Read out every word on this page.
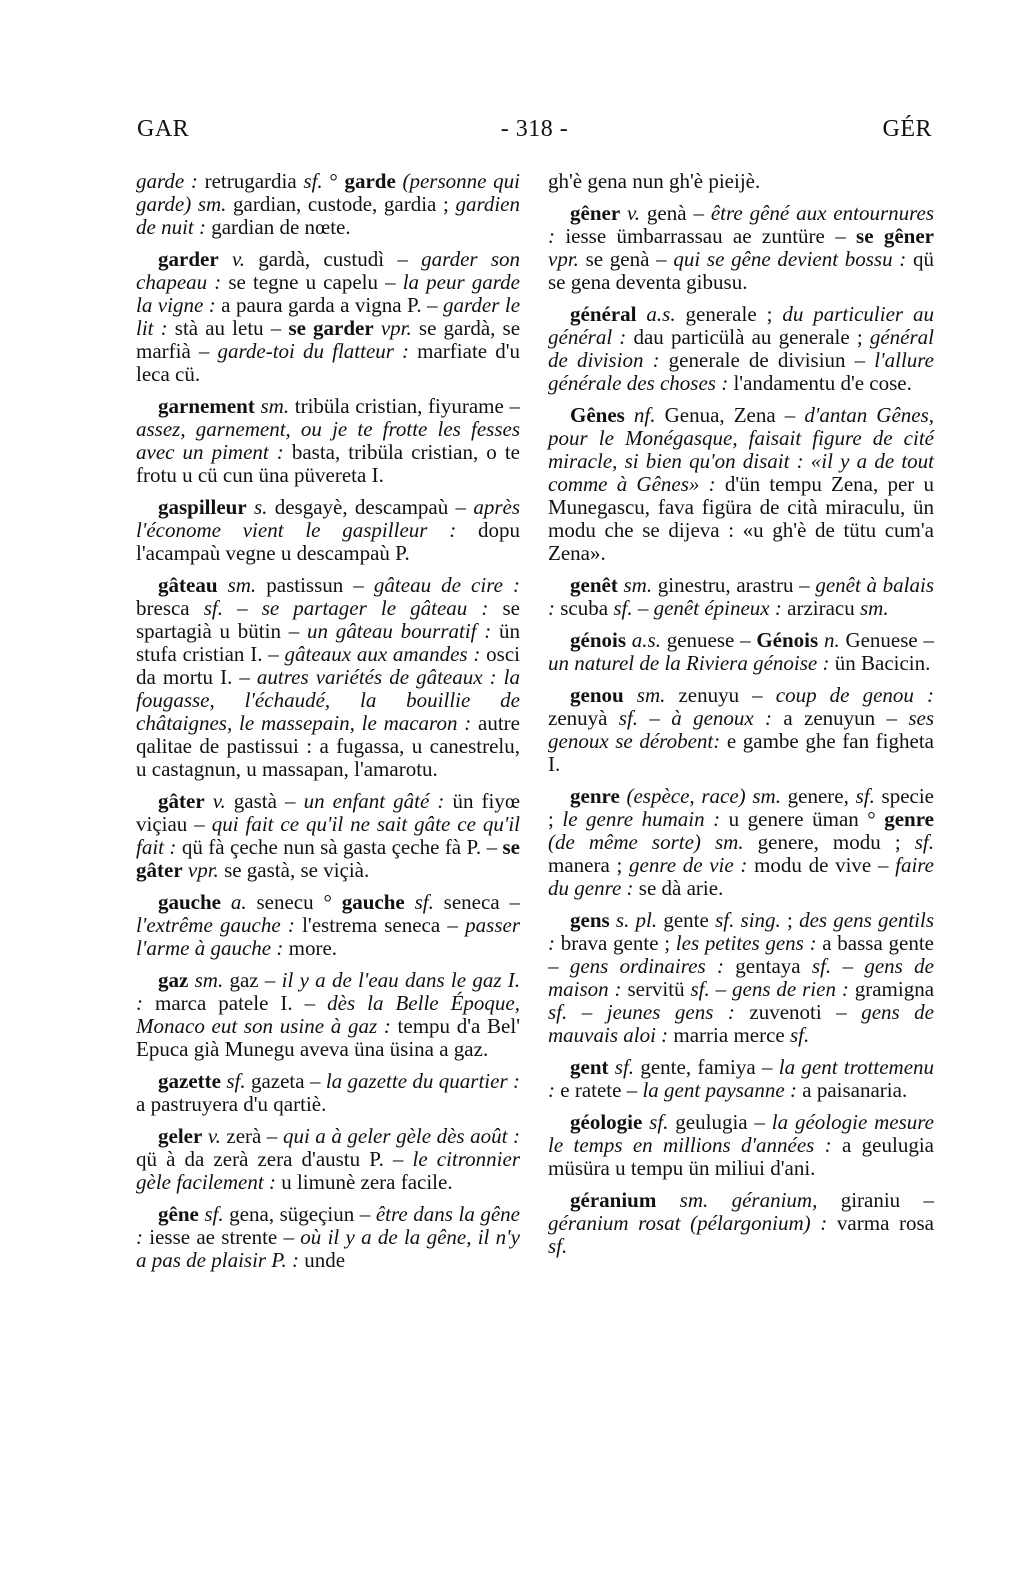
GAR	- 318 -	GÉR

garde : retrugardia sf. ° garde (personne qui garde) sm. gardian, custode, gardia ; gardien de nuit : gardian de nœte.

garder v. gardà, custudì – garder son chapeau : se tegne u capelu – la peur garde la vigne : a paura garda a vigna P. – garder le lit : stà au letu – se garder vpr. se gardà, se marfià – garde-toi du flatteur : marfiate d'u leca cü.

garnement sm. tribüla cristian, fiyurame – assez, garnement, ou je te frotte les fesses avec un piment : basta, tribüla cristian, o te frotu u cü cun üna püvereta I.

gaspilleur s. desgayè, descampaù – après l'économe vient le gaspilleur : dopu l'acampaù vegne u descampaù P.

gâteau sm. pastissun – gâteau de cire : bresca sf. – se partager le gâteau : se spartagià u bütin – un gâteau bourratif : ün stufa cristian I. – gâteaux aux amandes : osci da mortu I. – autres variétés de gâteaux : la fougasse, l'échaudé, la bouillie de châtaignes, le massepain, le macaron : autre qalitae de pastissui : a fugassa, u canestrelu, u castagnun, u massapan, l'amarotu.

gâter v. gastà – un enfant gâté : ün fiyœ viçiau – qui fait ce qu'il ne sait gâte ce qu'il fait : qü fà çeche nun sà gasta çeche fà P. – se gâter vpr. se gastà, se viçià.

gauche a. senecu ° gauche sf. seneca – l'extrême gauche : l'estrema seneca – passer l'arme à gauche : more.

gaz sm. gaz – il y a de l'eau dans le gaz I. : marca patele I. – dès la Belle Époque, Monaco eut son usine à gaz : tempu d'a Bel' Epuca già Munegu aveva üna üsina a gaz.

gazette sf. gazeta – la gazette du quartier : a pastruyera d'u qartiè.

geler v. zerà – qui a à geler gèle dès août : qü à da zerà zera d'austu P. – le citronnier gèle facilement : u limunè zera facile.

gêne sf. gena, sügeçiun – être dans la gêne : iesse ae strente – où il y a de la gêne, il n'y a pas de plaisir P. : unde

gh'è gena nun gh'è pieijè.

gêner v. genà – être gêné aux entournures : iesse ümbarrassau ae zuntüre – se gêner vpr. se genà – qui se gêne devient bossu : qü se gena deventa gibusu.

général a.s. generale ; du particulier au général : dau particülà au generale ; général de division : generale de divisiun – l'allure générale des choses : l'andamentu d'e cose.

Gênes nf. Genua, Zena – d'antan Gênes, pour le Monégasque, faisait figure de cité miracle, si bien qu'on disait : «il y a de tout comme à Gênes» : d'ün tempu Zena, per u Munegascu, fava figüra de cità miraculu, ün modu che se dijeva : «u gh'è de tütu cum'a Zena».

genêt sm. ginestru, arastru – genêt à balais : scuba sf. – genêt épineux : arziracu sm.

génois a.s. genuese – Génois n. Genuese – un naturel de la Riviera génoise : ün Bacicin.

genou sm. zenuyu – coup de genou : zenuyà sf. – à genoux : a zenuyun – ses genoux se dérobent: e gambe ghe fan figheta I.

genre (espèce, race) sm. genere, sf. specie ; le genre humain : u genere üman ° genre (de même sorte) sm. genere, modu ; sf. manera ; genre de vie : modu de vive – faire du genre : se dà arie.

gens s. pl. gente sf. sing. ; des gens gentils : brava gente ; les petites gens : a bassa gente – gens ordinaires : gentaya sf. – gens de maison : servitü sf. – gens de rien : gramigna sf. – jeunes gens : zuvenoti – gens de mauvais aloi : marria merce sf.

gent sf. gente, famiya – la gent trottemenu : e ratete – la gent paysanne : a paisanaria.

géologie sf. geulugia – la géologie mesure le temps en millions d'années : a geulugia müsüra u tempu ün miliui d'ani.

géranium sm. géranium, giraniu – géranium rosat (pélargonium) : varma rosa sf.
